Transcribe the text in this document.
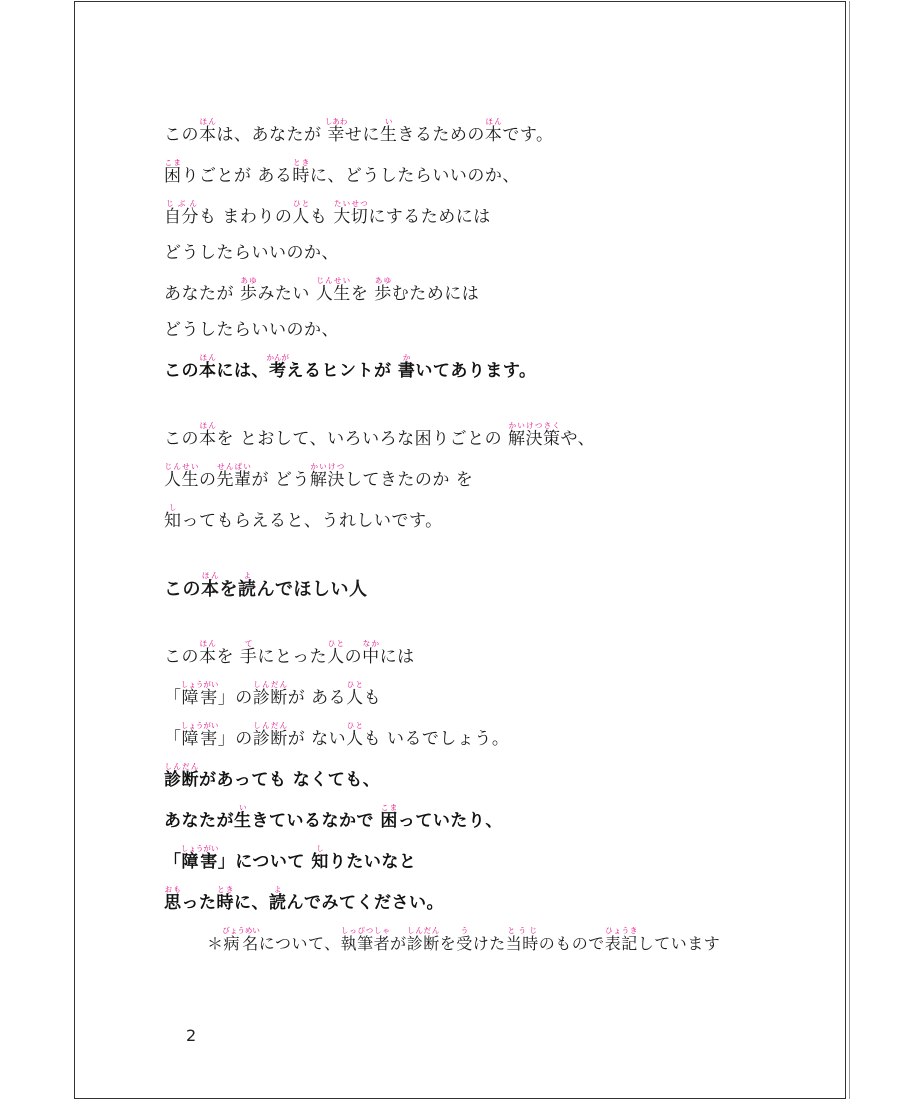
この本ほんは、あなたが 幸しあわせに生いきるための本ほんです。

困こまりごとが ある時ときに、どうしたらいいのか、

自分じぶんも まわりの人ひとも 大切たいせつにするためには

どうしたらいいのか、

あなたが 歩あゆみたい 人生じんせいを 歩あゆむためには

どうしたらいいのか、

この本ほんには、考かんがえるヒントが 書かいてあります。

この本ほんを とおして、いろいろな困りごとの 解決策かいけつさくや、

人生じんせいの先輩せんぱいが どう解決かいけつしてきたのか を

知しってもらえると、うれしいです。

この本ほんを読よんでほしい人

この本ほんを 手てにとった人ひとの中なかには

「障害しょうがい」の診断しんだんが ある人ひとも

「障害しょうがい」の診断しんだんが ない人ひとも いるでしょう。

診断しんだんがあっても なくても、

あなたが生いきているなかで 困こまっていたり、

「障害しょうがい」について 知しりたいなと

思おもった時ときに、読よんでみてください。

＊病名びょうめいについて、執筆者しっぴつしゃが診断しんだんを受うけた当時とうじのもので表記ひょうきしています

2
